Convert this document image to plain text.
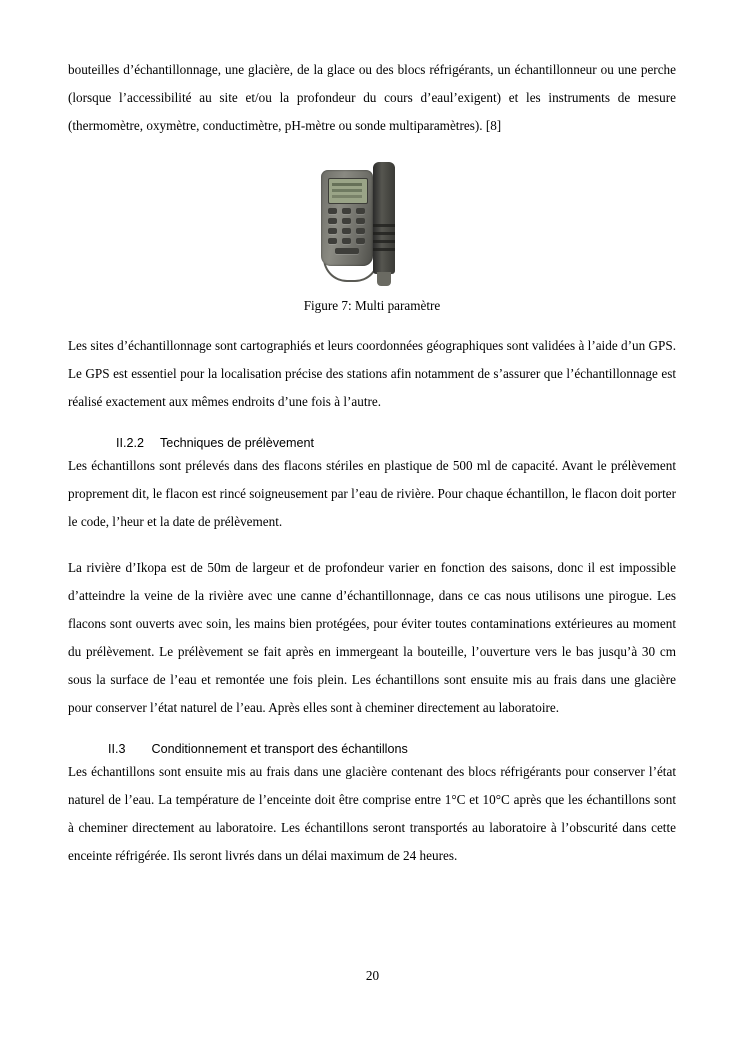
bouteilles d’échantillonnage, une glacière, de la glace ou des blocs réfrigérants, un échantillonneur ou une perche (lorsque l’accessibilité au site et/ou la profondeur du cours d’eaul’exigent) et les instruments de mesure (thermomètre, oxymètre, conductimètre, pH-mètre ou sonde multiparamètres). [8]

Figure 7: Multi paramètre

Les sites d’échantillonnage sont cartographiés et leurs coordonnées géographiques sont validées à l’aide d’un GPS. Le GPS est essentiel pour la localisation précise des stations afin notamment de s’assurer que l’échantillonnage est réalisé exactement aux mêmes endroits d’une fois à l’autre.

II.2.2 Techniques de prélèvement

Les échantillons sont prélevés dans des flacons stériles en plastique de 500 ml de capacité. Avant le prélèvement proprement dit, le flacon est rincé soigneusement par l’eau de rivière. Pour chaque échantillon, le flacon doit porter le code, l’heur et la date de prélèvement.

La rivière d’Ikopa est de 50m de largeur et de profondeur varier en fonction des saisons, donc il est impossible d’atteindre la veine de la rivière avec une canne d’échantillonnage, dans ce cas nous utilisons une pirogue. Les flacons sont ouverts avec soin, les mains bien protégées, pour éviter toutes contaminations extérieures au moment du prélèvement. Le prélèvement se fait après en immergeant la bouteille, l’ouverture vers le bas jusqu’à 30 cm sous la surface de l’eau et remontée une fois plein. Les échantillons sont ensuite mis au frais dans une glacière pour conserver l’état naturel de l’eau. Après elles sont à cheminer directement au laboratoire.

II.3 Conditionnement et transport des échantillons

Les échantillons sont ensuite mis au frais dans une glacière contenant des blocs réfrigérants pour conserver l’état naturel de l’eau. La température de l’enceinte doit être comprise entre 1°C et 10°C après que les échantillons sont à cheminer directement au laboratoire. Les échantillons seront transportés au laboratoire à l’obscurité dans cette enceinte réfrigérée. Ils seront livrés dans un délai maximum de 24 heures.

20
